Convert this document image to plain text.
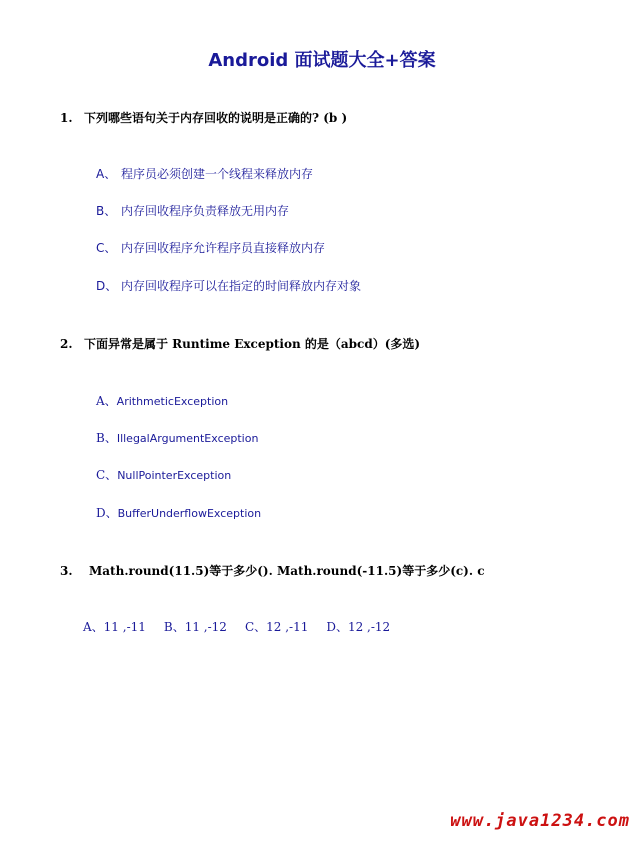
Android 面试题大全+答案
1. 下列哪些语句关于内存回收的说明是正确的? (b )
A、 程序员必须创建一个线程来释放内存
B、 内存回收程序负责释放无用内存
C、 内存回收程序允许程序员直接释放内存
D、 内存回收程序可以在指定的时间释放内存对象
2. 下面异常是属于 Runtime Exception 的是（abcd）(多选)
A、ArithmeticException
B、IllegalArgumentException
C、NullPointerException
D、BufferUnderflowException
3. Math.round(11.5)等于多少(). Math.round(-11.5)等于多少(c). c
A、11 ,-11 B、11 ,-12 C、12 ,-11 D、12 ,-12
www.java1234.com
